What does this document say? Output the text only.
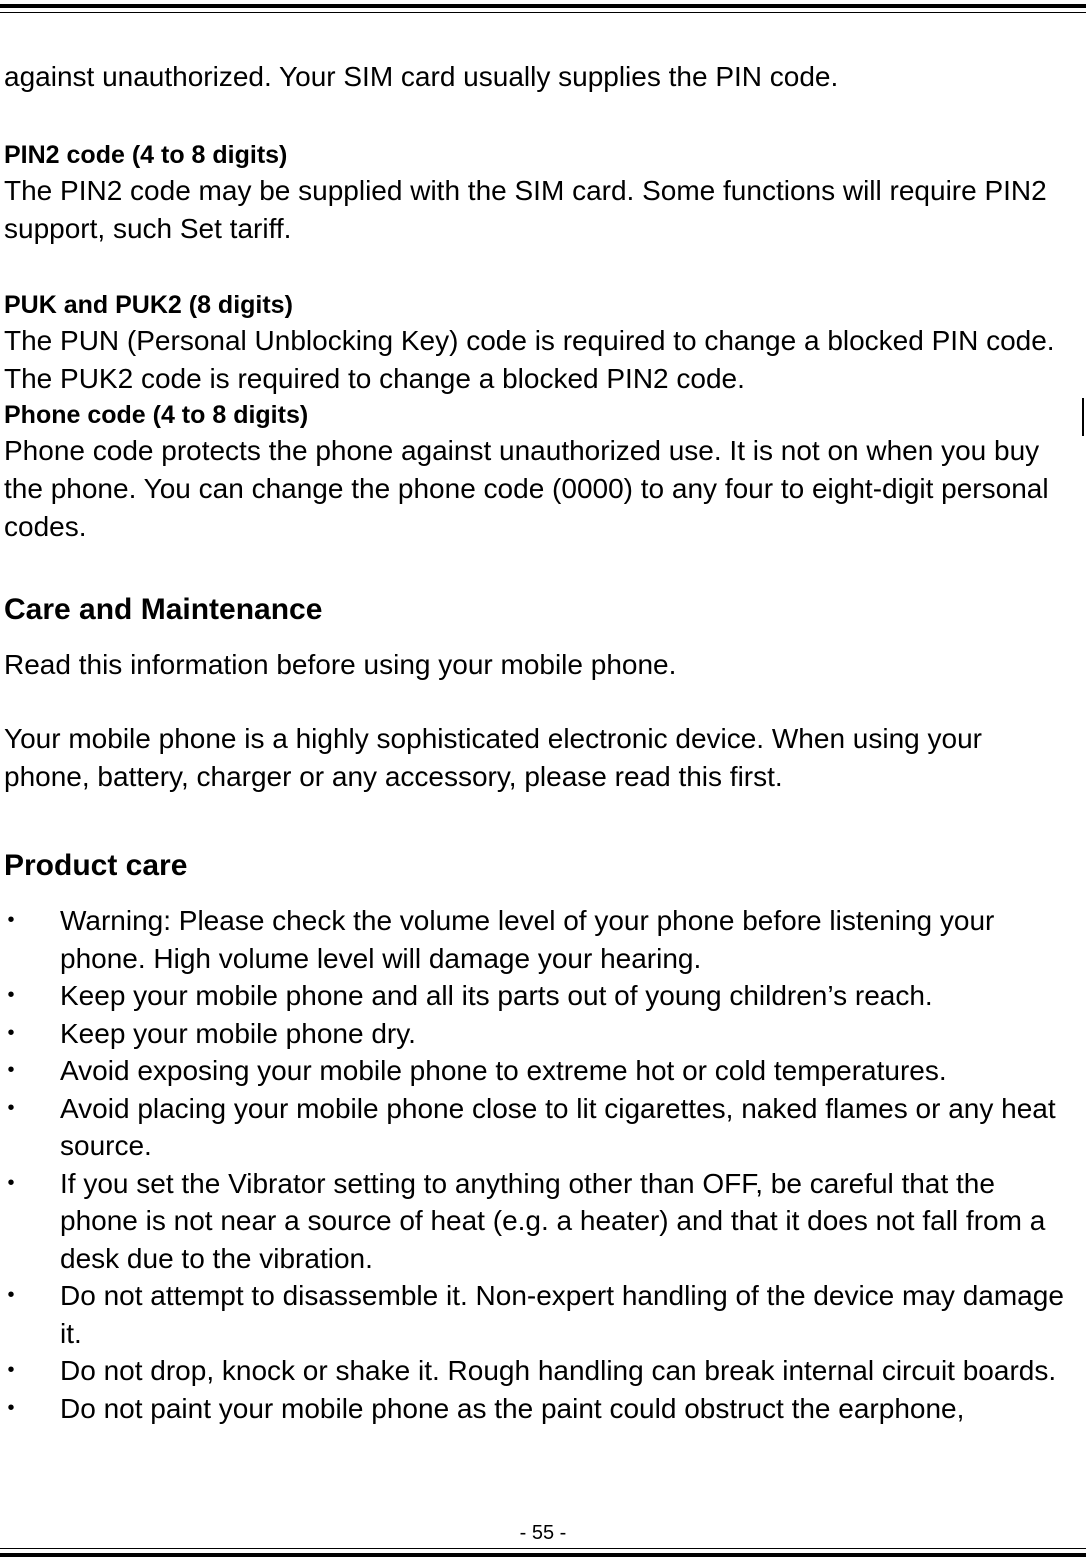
against unauthorized. Your SIM card usually supplies the PIN code.

PIN2 code (4 to 8 digits)

The PIN2 code may be supplied with the SIM card. Some functions will require PIN2 support, such Set tariff.

PUK and PUK2 (8 digits)

The PUN (Personal Unblocking Key) code is required to change a blocked PIN code. The PUK2 code is required to change a blocked PIN2 code.

Phone code (4 to 8 digits)

Phone code protects the phone against unauthorized use. It is not on when you buy the phone. You can change the phone code (0000) to any four to eight-digit personal codes.

Care and Maintenance

Read this information before using your mobile phone.

Your mobile phone is a highly sophisticated electronic device. When using your phone, battery, charger or any accessory, please read this first.

Product care

• Warning: Please check the volume level of your phone before listening your phone. High volume level will damage your hearing.
• Keep your mobile phone and all its parts out of young children’s reach.
• Keep your mobile phone dry.
• Avoid exposing your mobile phone to extreme hot or cold temperatures.
• Avoid placing your mobile phone close to lit cigarettes, naked flames or any heat source.
• If you set the Vibrator setting to anything other than OFF, be careful that the phone is not near a source of heat (e.g. a heater) and that it does not fall from a desk due to the vibration.
• Do not attempt to disassemble it. Non-expert handling of the device may damage it.
• Do not drop, knock or shake it. Rough handling can break internal circuit boards.
• Do not paint your mobile phone as the paint could obstruct the earphone,
- 55 -
